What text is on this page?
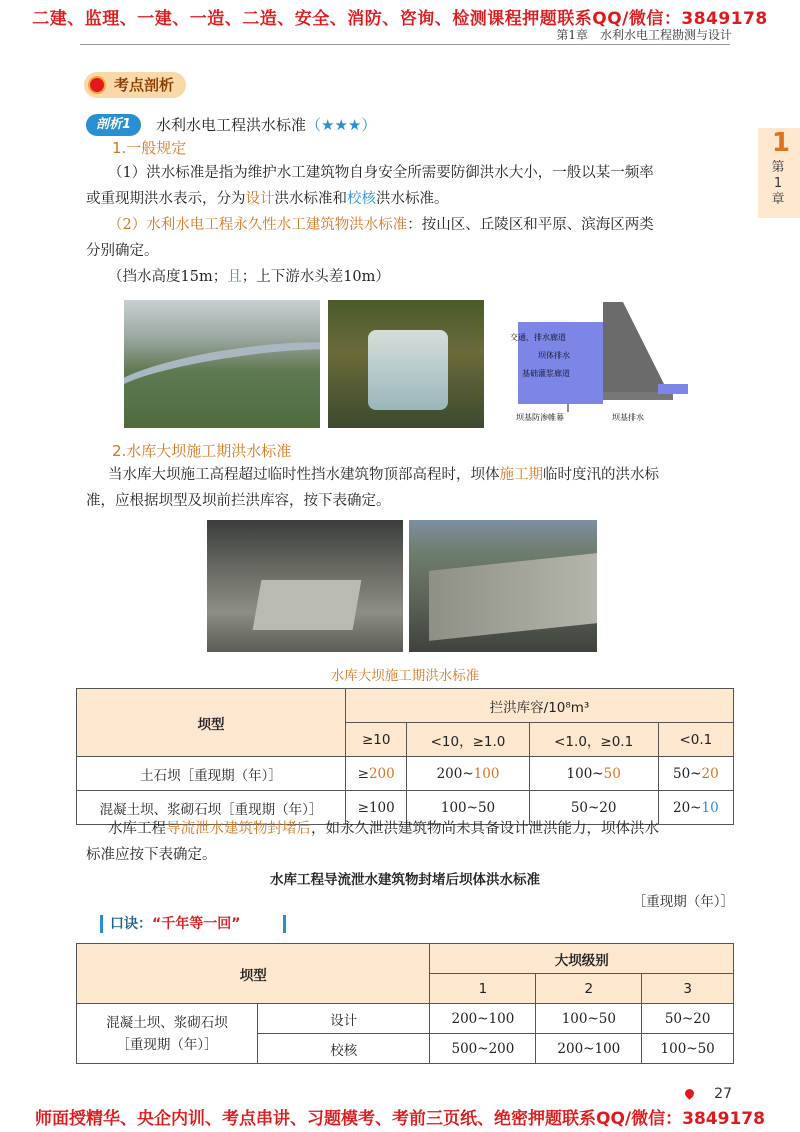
二建、监理、一建、一造、二造、安全、消防、咨询、检测课程押题联系QQ/微信：3849178
第1章　水利水电工程勘测与设计
1
第1章
考点剖析
剖析1	水利水电工程洪水标准（★★★）
1.一般规定
（1）洪水标准是指为维护水工建筑物自身安全所需要防御洪水大小，一般以某一频率
或重现期洪水表示，分为设计洪水标准和校核洪水标准。
（2）水利水电工程永久性水工建筑物洪水标准：按山区、丘陵区和平原、滨海区两类
分别确定。
（挡水高度15m；且；上下游水头差10m）
交通、排水廊道
坝体排水
基础灌浆廊道
坝基防渗帷幕	坝基排水
2.水库大坝施工期洪水标准
当水库大坝施工高程超过临时性挡水建筑物顶部高程时，坝体施工期临时度汛的洪水标
准，应根据坝型及坝前拦洪库容，按下表确定。
水库大坝施工期洪水标准
坝型	拦洪库容/10⁸m³			
	≥10	<10，≥1.0	<1.0，≥0.1	<0.1
土石坝［重现期（年）］	≥200	200~100	100~50	50~20
混凝土坝、浆砌石坝［重现期（年）］	≥100	100~50	50~20	20~10
水库工程导流泄水建筑物封堵后，如永久泄洪建筑物尚未具备设计泄洪能力，坝体洪水
标准应按下表确定。
水库工程导流泄水建筑物封堵后坝体洪水标准
［重现期（年）］
口诀：“千年等一回”
坝型		大坝级别		
		1	2	3

混凝土坝、浆砌石坝
［重现期（年）］	设计	200~100	100~50	50~20
	校核	500~200	200~100	100~50
27
师面授精华、央企内训、考点串讲、习题模考、考前三页纸、绝密押题联系QQ/微信：3849178
